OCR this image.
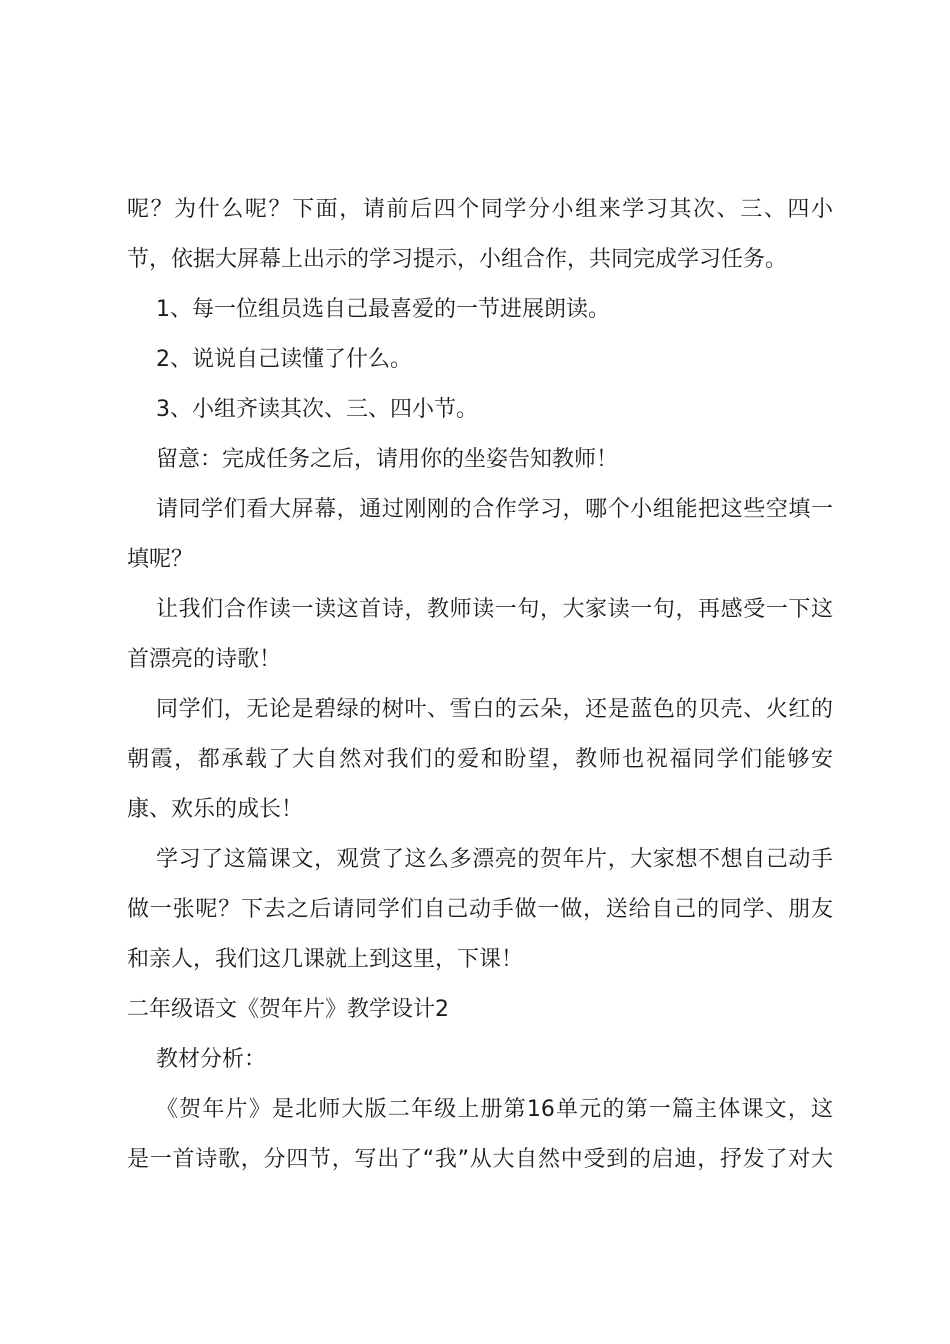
呢？为什么呢？下面，请前后四个同学分小组来学习其次、三、四小
节，依据大屏幕上出示的学习提示，小组合作，共同完成学习任务。
1、每一位组员选自己最喜爱的一节进展朗读。
2、说说自己读懂了什么。
3、小组齐读其次、三、四小节。
留意：完成任务之后，请用你的坐姿告知教师！
请同学们看大屏幕，通过刚刚的合作学习，哪个小组能把这些空填一
填呢？
让我们合作读一读这首诗，教师读一句，大家读一句，再感受一下这
首漂亮的诗歌！
同学们，无论是碧绿的树叶、雪白的云朵，还是蓝色的贝壳、火红的
朝霞，都承载了大自然对我们的爱和盼望，教师也祝福同学们能够安
康、欢乐的成长！
学习了这篇课文，观赏了这么多漂亮的贺年片，大家想不想自己动手
做一张呢？下去之后请同学们自己动手做一做，送给自己的同学、朋友
和亲人，我们这几课就上到这里，下课！
二年级语文《贺年片》教学设计2
教材分析：
《贺年片》是北师大版二年级上册第16单元的第一篇主体课文，这
是一首诗歌，分四节，写出了“我”从大自然中受到的启迪，抒发了对大
